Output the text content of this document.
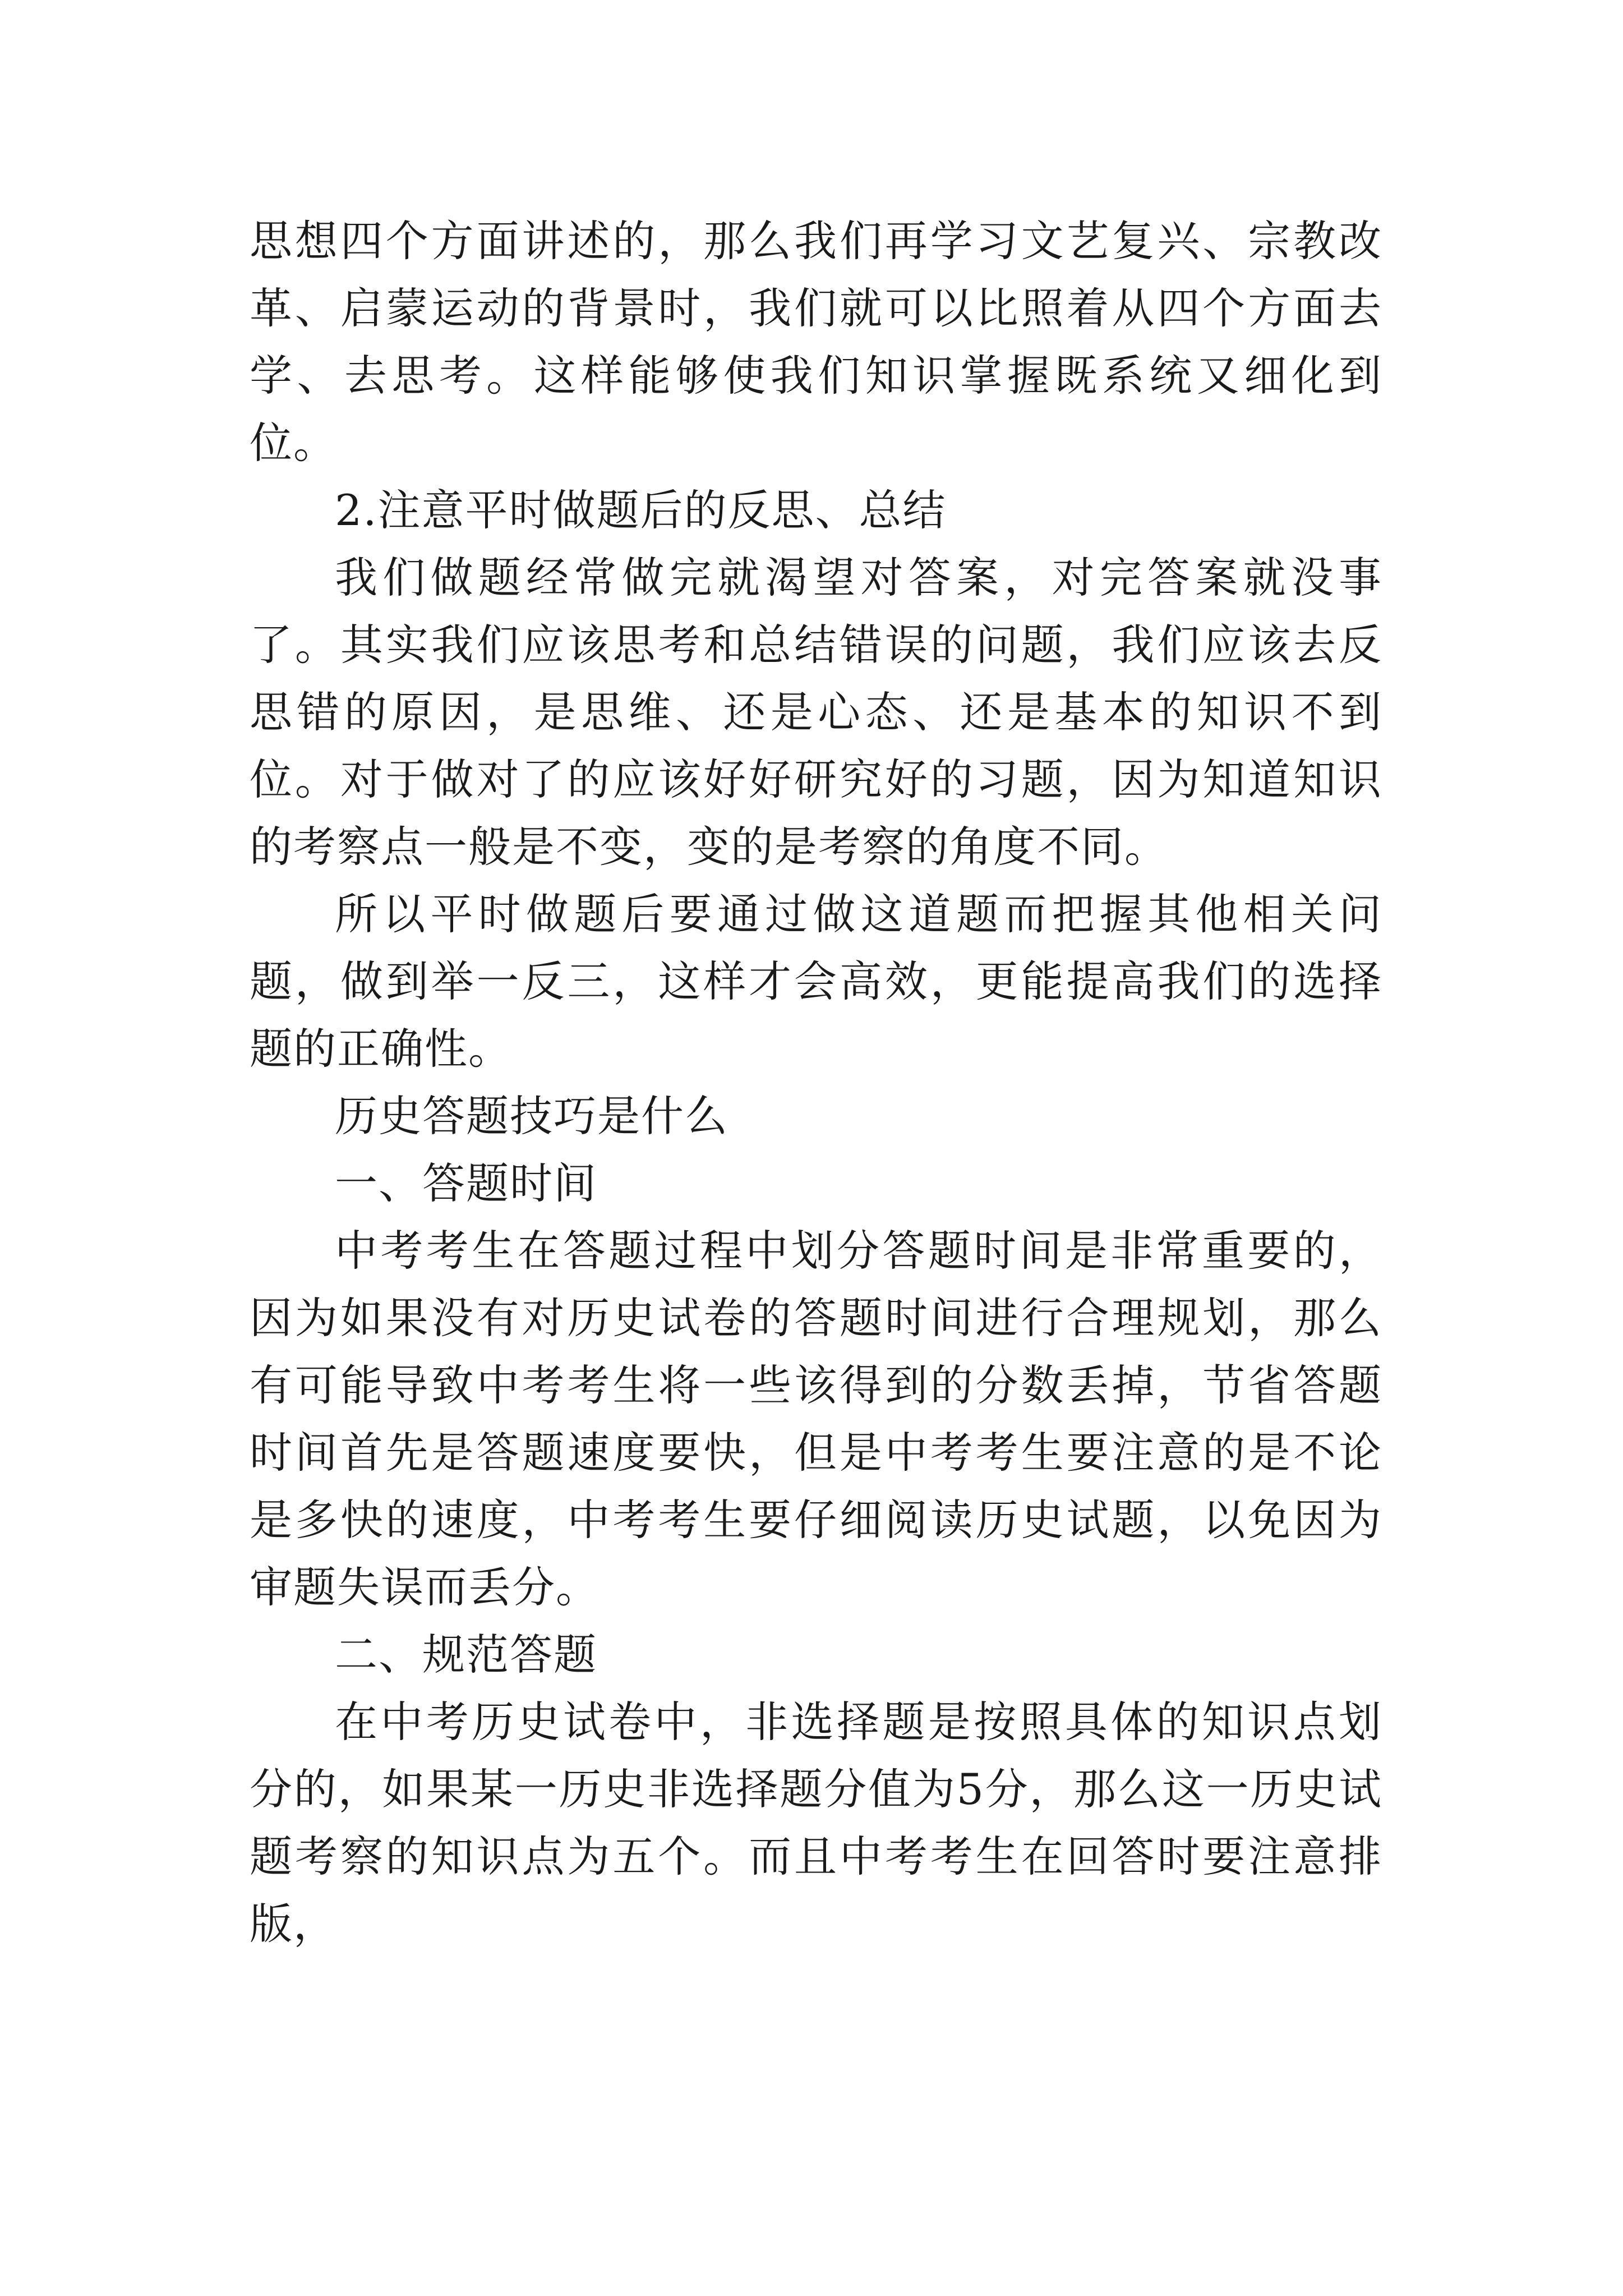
思想四个方面讲述的，那么我们再学习文艺复兴、宗教改革、启蒙运动的背景时，我们就可以比照着从四个方面去学、去思考。这样能够使我们知识掌握既系统又细化到位。

2.注意平时做题后的反思、总结

我们做题经常做完就渴望对答案，对完答案就没事了。其实我们应该思考和总结错误的问题，我们应该去反思错的原因，是思维、还是心态、还是基本的知识不到位。对于做对了的应该好好研究好的习题，因为知道知识的考察点一般是不变，变的是考察的角度不同。

所以平时做题后要通过做这道题而把握其他相关问题，做到举一反三，这样才会高效，更能提高我们的选择题的正确性。

历史答题技巧是什么

一、答题时间

中考考生在答题过程中划分答题时间是非常重要的，因为如果没有对历史试卷的答题时间进行合理规划，那么有可能导致中考考生将一些该得到的分数丢掉，节省答题时间首先是答题速度要快，但是中考考生要注意的是不论是多快的速度，中考考生要仔细阅读历史试题，以免因为审题失误而丢分。

二、规范答题

在中考历史试卷中，非选择题是按照具体的知识点划分的，如果某一历史非选择题分值为5分，那么这一历史试题考察的知识点为五个。而且中考考生在回答时要注意排版，
